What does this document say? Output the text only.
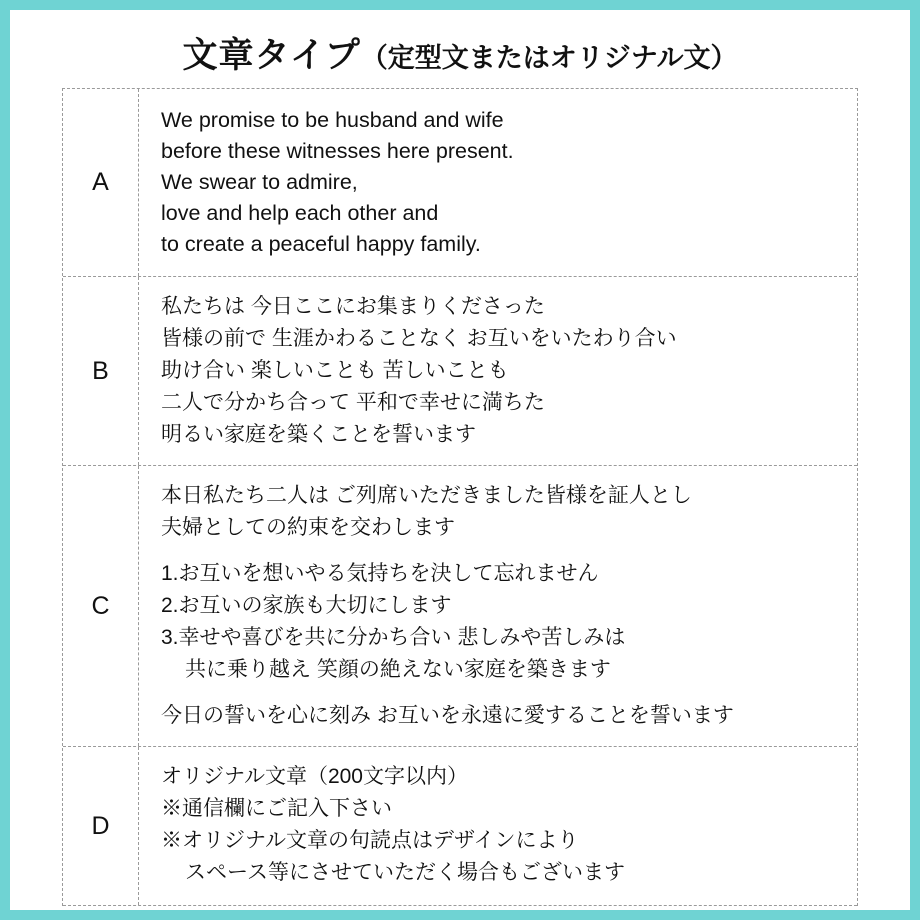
文章タイプ（定型文またはオリジナル文）
A
We promise to be husband and wife
before these witnesses here present.
We swear to admire,
love and help each other and
to create a peaceful happy family.
B
私たちは 今日ここにお集まりくださった
皆様の前で 生涯かわることなく お互いをいたわり合い
助け合い 楽しいことも 苦しいことも
二人で分かち合って 平和で幸せに満ちた
明るい家庭を築くことを誓います
C
本日私たち二人は ご列席いただきました皆様を証人とし
夫婦としての約束を交わします
1.お互いを想いやる気持ちを決して忘れません
2.お互いの家族も大切にします
3.幸せや喜びを共に分かち合い 悲しみや苦しみは
共に乗り越え 笑顔の絶えない家庭を築きます
今日の誓いを心に刻み お互いを永遠に愛することを誓います
D
オリジナル文章（200文字以内）
※通信欄にご記入下さい
※オリジナル文章の句読点はデザインにより
スペース等にさせていただく場合もございます
